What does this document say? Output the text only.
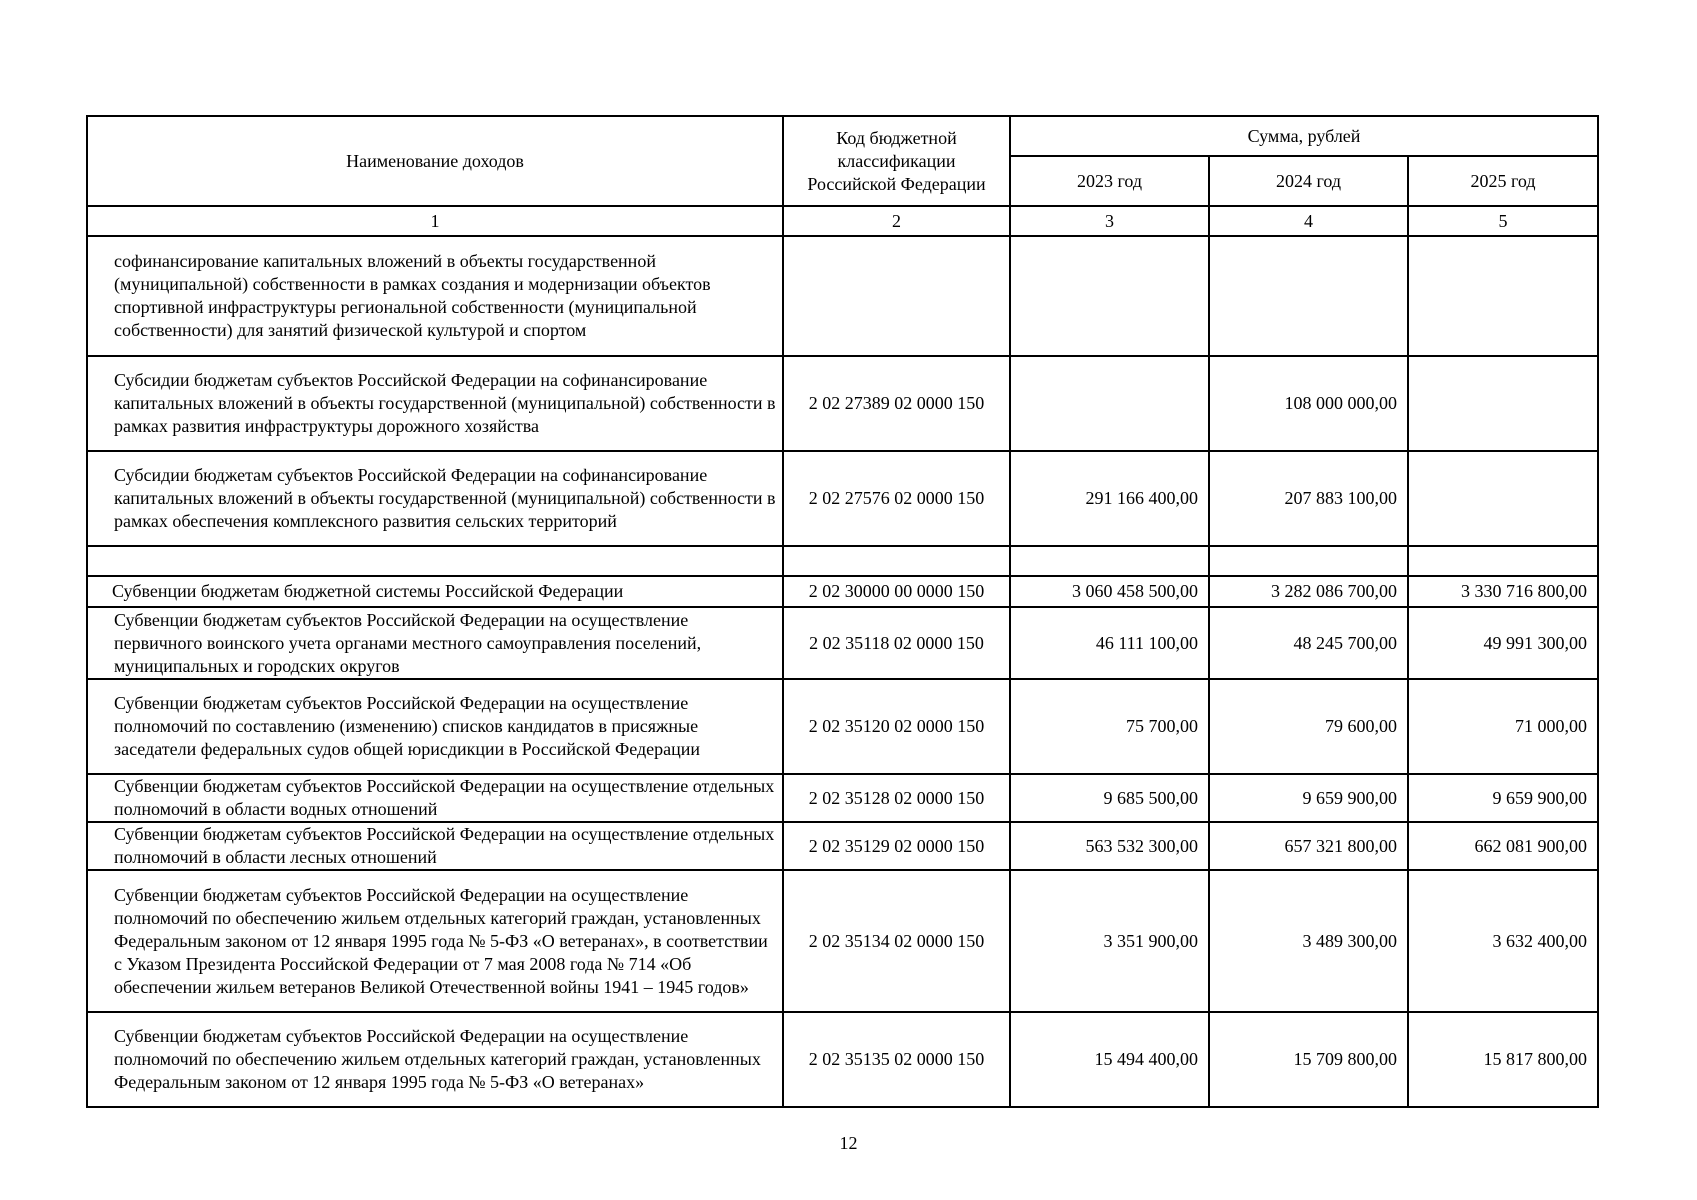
Наименование доходов	Код бюджетной классификации Российской Федерации	Сумма, рублей		
		2023 год	2024 год	2025 год
1	2	3	4	5
софинансирование капитальных вложений в объекты государственной (муниципальной) собственности в рамках создания и модернизации объектов спортивной инфраструктуры региональной собственности (муниципальной собственности) для занятий физической культурой и спортом				
Субсидии бюджетам субъектов Российской Федерации на софинансирование капитальных вложений в объекты государственной (муниципальной) собственности в рамках развития инфраструктуры дорожного хозяйства	2 02 27389 02 0000 150		108 000 000,00	
Субсидии бюджетам субъектов Российской Федерации на софинансирование капитальных вложений в объекты государственной (муниципальной) собственности в рамках обеспечения комплексного развития сельских территорий	2 02 27576 02 0000 150	291 166 400,00	207 883 100,00	

Субвенции бюджетам бюджетной системы Российской Федерации	2 02 30000 00 0000 150	3 060 458 500,00	3 282 086 700,00	3 330 716 800,00
Субвенции бюджетам субъектов Российской Федерации на осуществление первичного воинского учета органами местного самоуправления поселений, муниципальных и городских округов	2 02 35118 02 0000 150	46 111 100,00	48 245 700,00	49 991 300,00
Субвенции бюджетам субъектов Российской Федерации на осуществление полномочий по составлению (изменению) списков кандидатов в присяжные заседатели федеральных судов общей юрисдикции в Российской Федерации	2 02 35120 02 0000 150	75 700,00	79 600,00	71 000,00
Субвенции бюджетам субъектов Российской Федерации на осуществление отдельных полномочий в области водных отношений	2 02 35128 02 0000 150	9 685 500,00	9 659 900,00	9 659 900,00
Субвенции бюджетам субъектов Российской Федерации на осуществление отдельных полномочий в области лесных отношений	2 02 35129 02 0000 150	563 532 300,00	657 321 800,00	662 081 900,00
Субвенции бюджетам субъектов Российской Федерации на осуществление полномочий по обеспечению жильем отдельных категорий граждан, установленных Федеральным законом от 12 января 1995 года № 5-ФЗ «О ветеранах», в соответствии с Указом Президента Российской Федерации от 7 мая 2008 года № 714 «Об обеспечении жильем ветеранов Великой Отечественной войны 1941 – 1945 годов»	2 02 35134 02 0000 150	3 351 900,00	3 489 300,00	3 632 400,00
Субвенции бюджетам субъектов Российской Федерации на осуществление полномочий по обеспечению жильем отдельных категорий граждан, установленных Федеральным законом от 12 января 1995 года № 5-ФЗ «О ветеранах»	2 02 35135 02 0000 150	15 494 400,00	15 709 800,00	15 817 800,00
12
